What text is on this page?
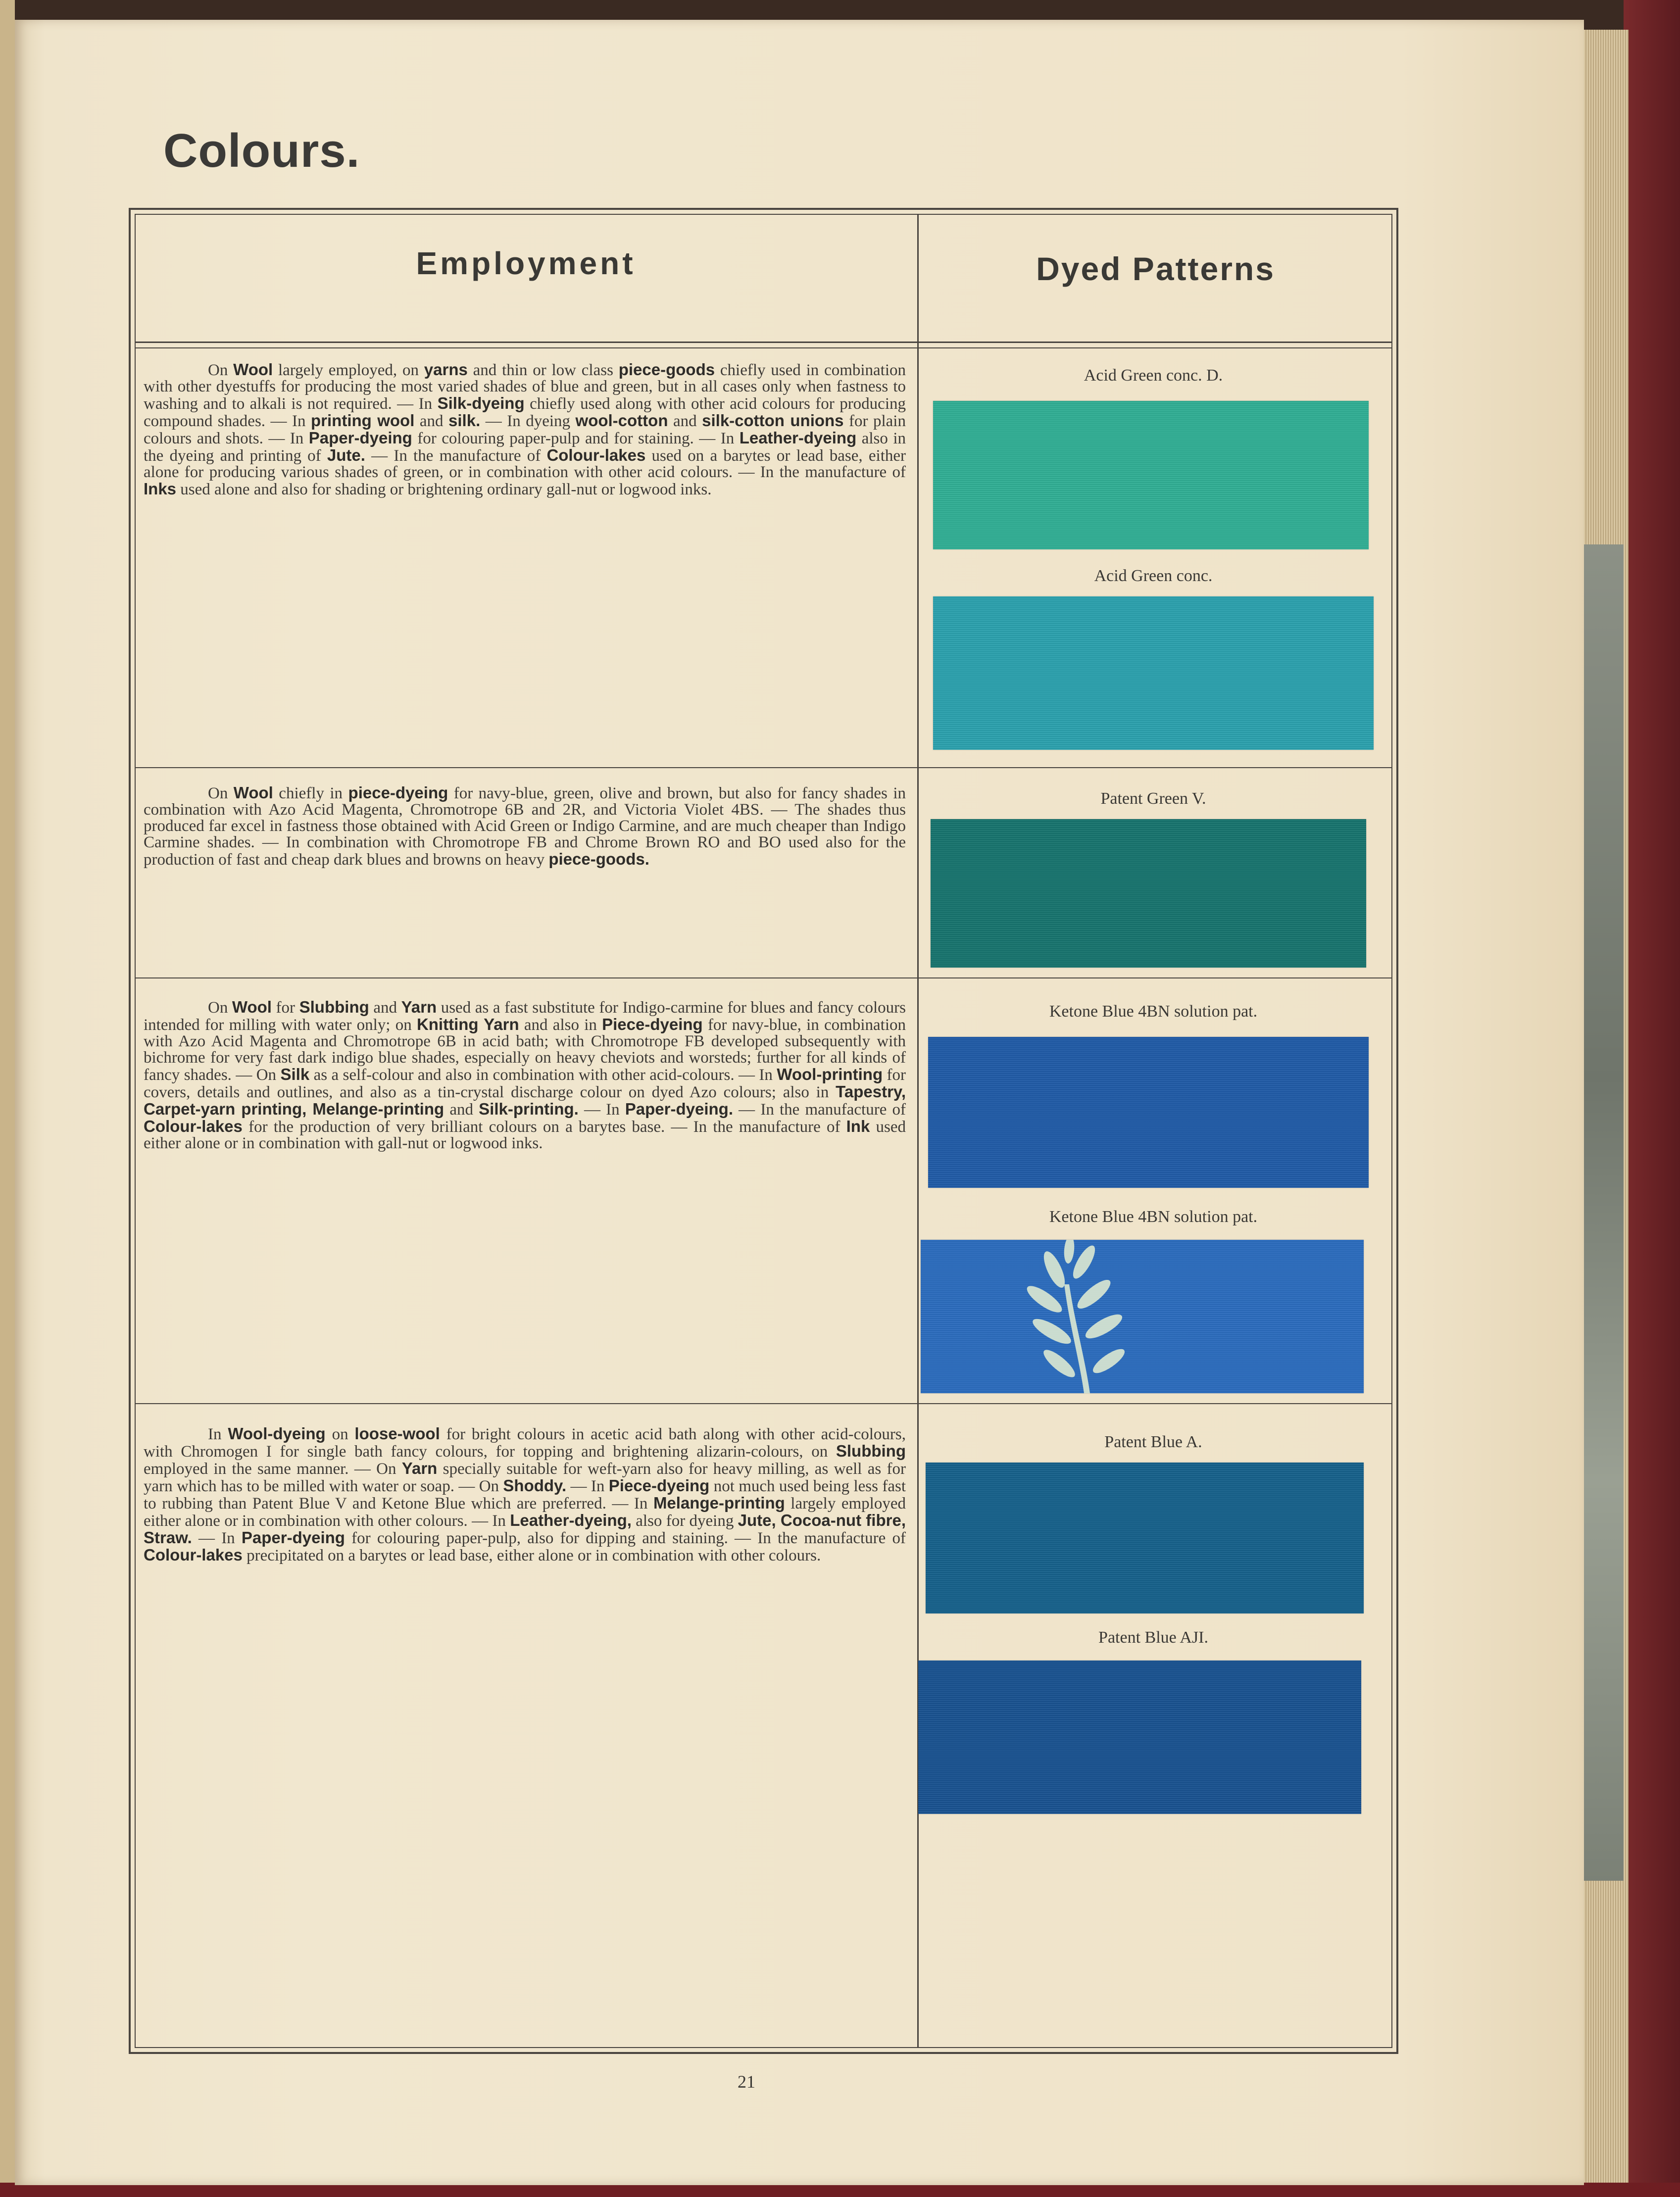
Colours.
Employment	Dyed Patterns
On Wool largely employed, on yarns and thin or low class piece-goods chiefly used in combination with other dyestuffs for producing the most varied shades of blue and green, but in all cases only when fastness to washing and to alkali is not required. — In Silk-dyeing chiefly used along with other acid colours for producing compound shades. — In printing wool and silk. — In dyeing wool-cotton and silk-cotton unions for plain colours and shots. — In Paper-dyeing for colouring paper-pulp and for staining. — In Leather-dyeing also in the dyeing and printing of Jute. — In the manufacture of Colour-lakes used on a barytes or lead base, either alone for producing various shades of green, or in combination with other acid colours. — In the manufacture of Inks used alone and also for shading or brightening ordinary gall-nut or logwood inks.
Acid Green conc. D.
Acid Green conc.
On Wool chiefly in piece-dyeing for navy-blue, green, olive and brown, but also for fancy shades in combination with Azo Acid Magenta, Chromotrope 6B and 2R, and Victoria Violet 4BS. — The shades thus produced far excel in fastness those obtained with Acid Green or Indigo Carmine, and are much cheaper than Indigo Carmine shades. — In combination with Chromotrope FB and Chrome Brown RO and BO used also for the production of fast and cheap dark blues and browns on heavy piece-goods.
Patent Green V.
On Wool for Slubbing and Yarn used as a fast substitute for Indigo-carmine for blues and fancy colours intended for milling with water only; on Knitting Yarn and also in Piece-dyeing for navy-blue, in combination with Azo Acid Magenta and Chromotrope 6B in acid bath; with Chromotrope FB developed subsequently with bichrome for very fast dark indigo blue shades, especially on heavy cheviots and worsteds; further for all kinds of fancy shades. — On Silk as a self-colour and also in combination with other acid-colours. — In Wool-printing for covers, details and outlines, and also as a tin-crystal discharge colour on dyed Azo colours; also in Tapestry, Carpet-yarn printing, Melange-printing and Silk-printing. — In Paper-dyeing. — In the manufacture of Colour-lakes for the production of very brilliant colours on a barytes base. — In the manufacture of Ink used either alone or in combination with gall-nut or logwood inks.
Ketone Blue 4BN solution pat.
Ketone Blue 4BN solution pat.
In Wool-dyeing on loose-wool for bright colours in acetic acid bath along with other acid-colours, with Chromogen I for single bath fancy colours, for topping and brightening alizarin-colours, on Slubbing employed in the same manner. — On Yarn specially suitable for weft-yarn also for heavy milling, as well as for yarn which has to be milled with water or soap. — On Shoddy. — In Piece-dyeing not much used being less fast to rubbing than Patent Blue V and Ketone Blue which are preferred. — In Melange-printing largely employed either alone or in combination with other colours. — In Leather-dyeing, also for dyeing Jute, Cocoa-nut fibre, Straw. — In Paper-dyeing for colouring paper-pulp, also for dipping and staining. — In the manufacture of Colour-lakes precipitated on a barytes or lead base, either alone or in combination with other colours.
Patent Blue A.
Patent Blue AJI.
21
